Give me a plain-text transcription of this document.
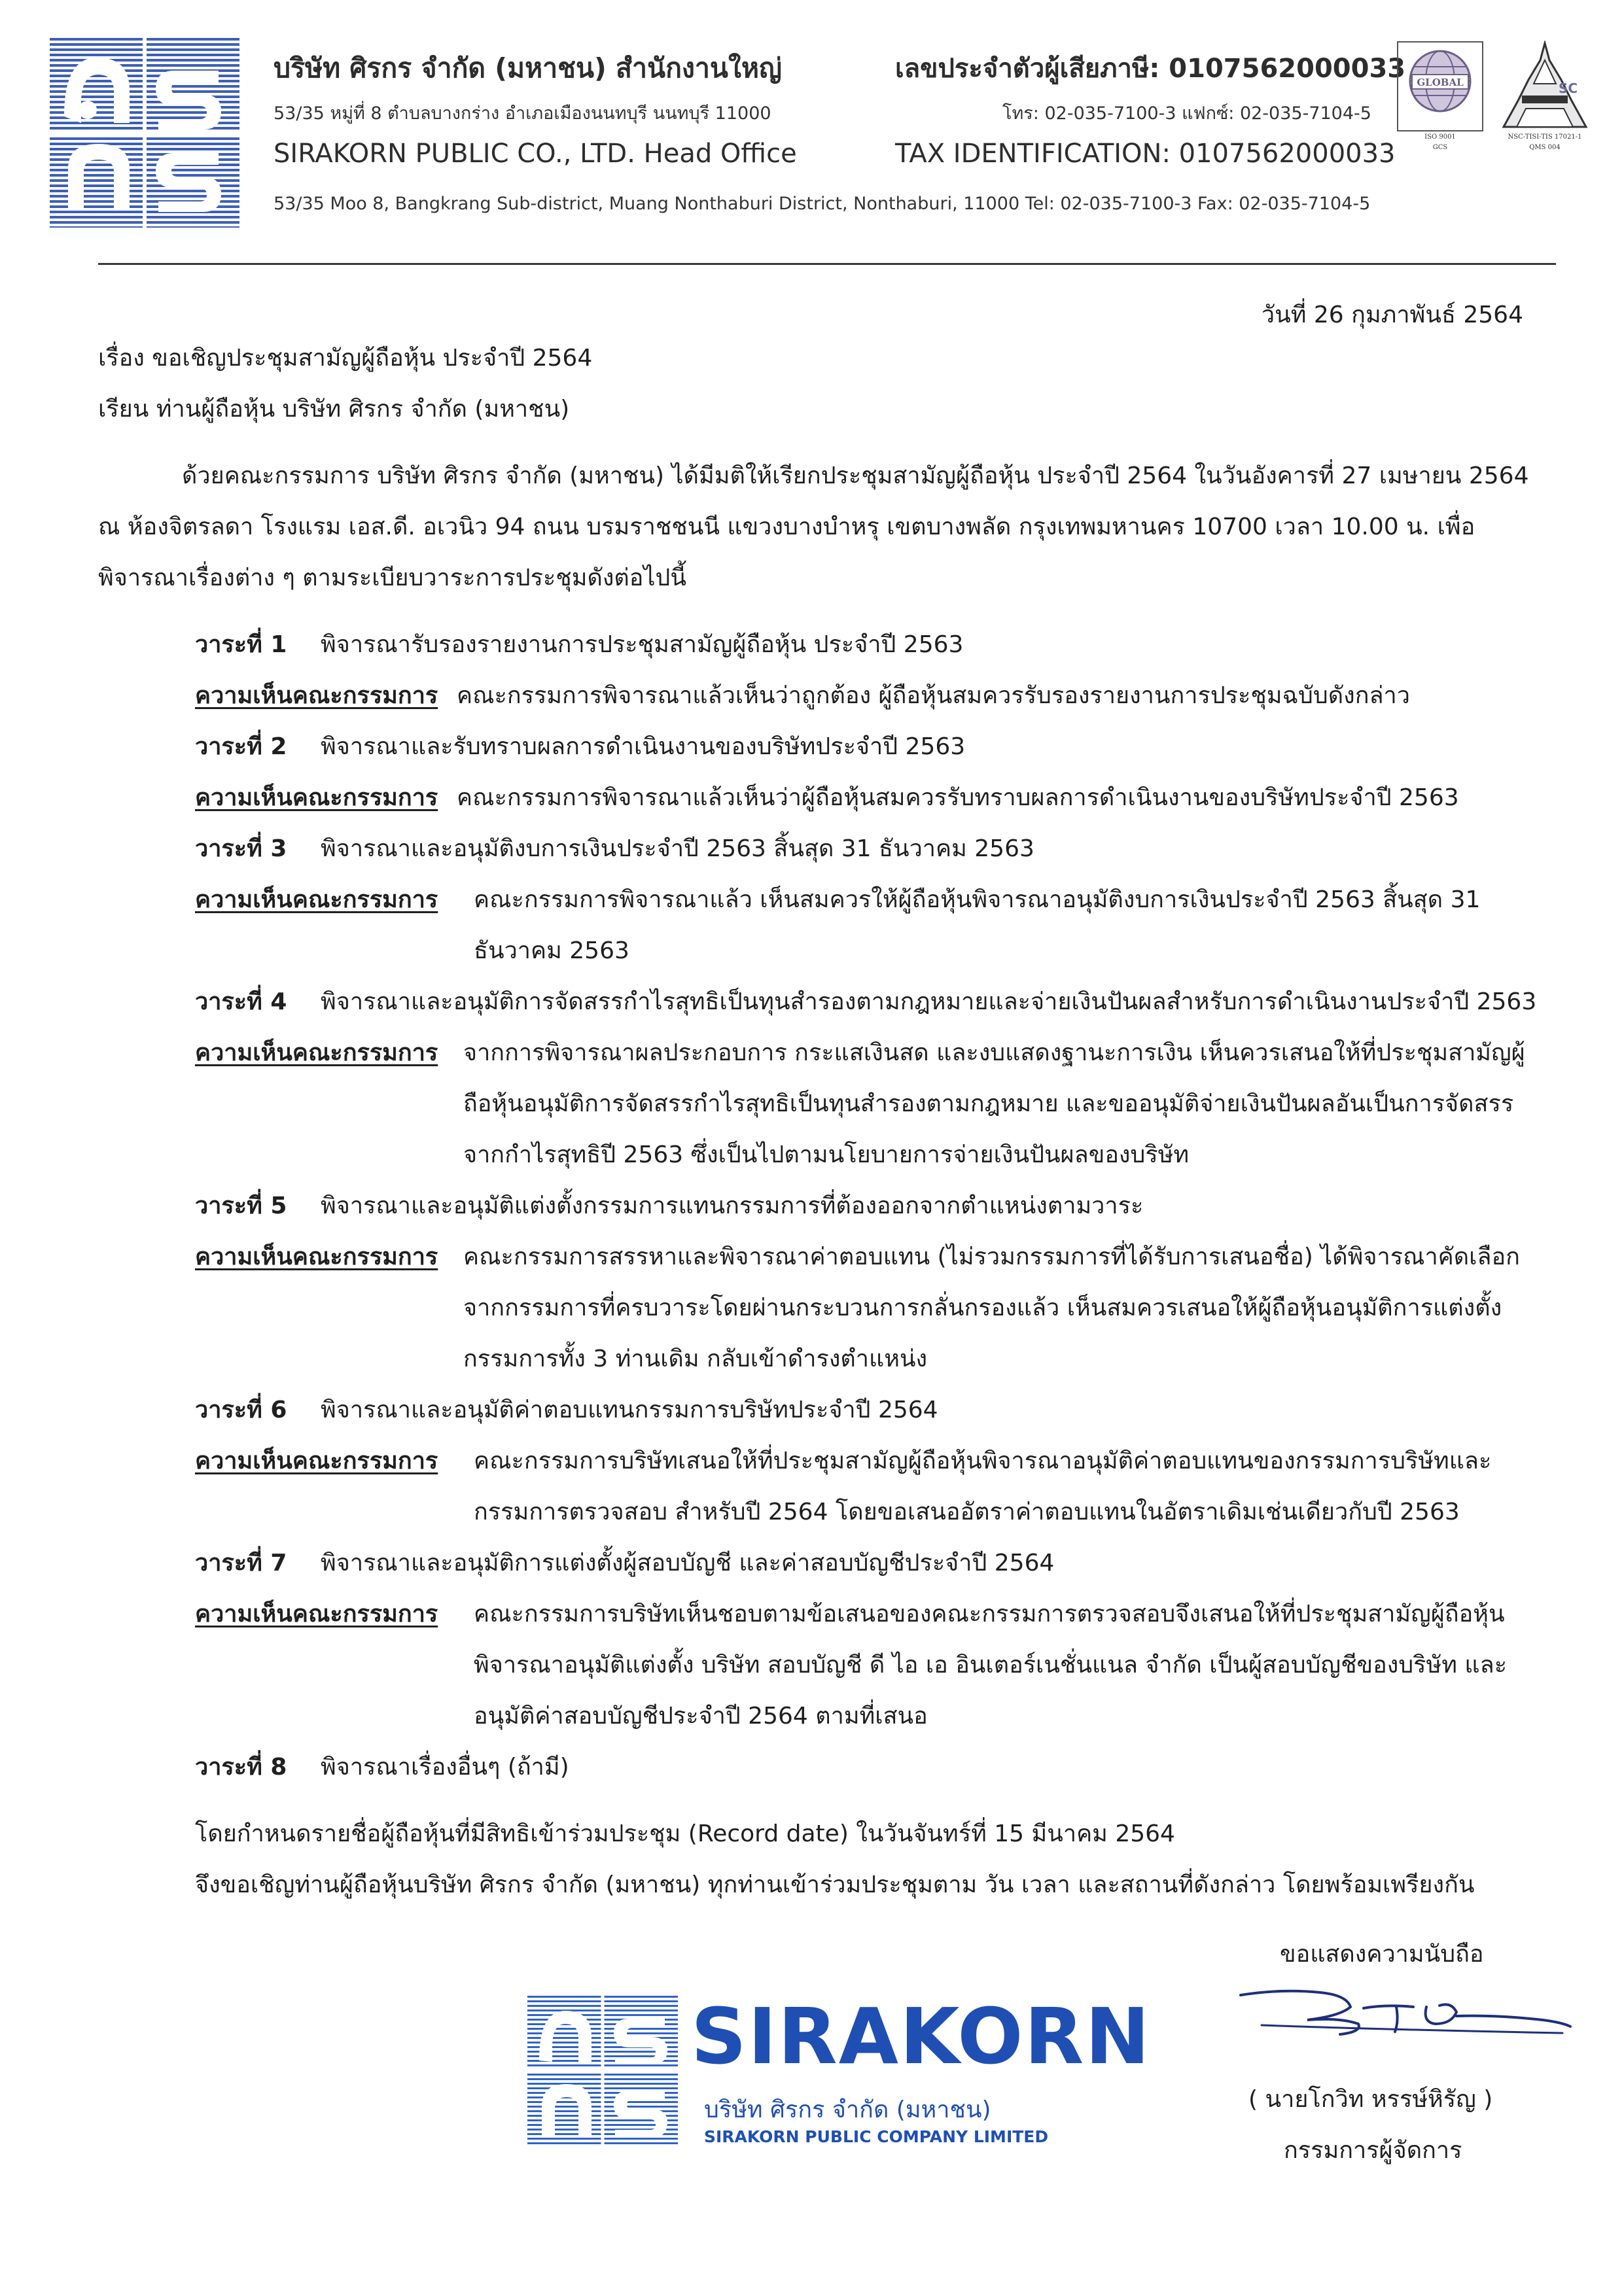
บริษัท ศิรกร จำกัด (มหาชน) สำนักงานใหญ่
53/35 หมู่ที่ 8 ตำบลบางกร่าง อำเภอเมืองนนทบุรี นนทบุรี 11000
SIRAKORN PUBLIC CO., LTD. Head Office
53/35 Moo 8, Bangkrang Sub-district, Muang Nonthaburi District, Nonthaburi, 11000 Tel: 02-035-7100-3 Fax: 02-035-7104-5
เลขประจำตัวผู้เสียภาษี: 0107562000033
โทร: 02-035-7100-3 แฟกซ์: 02-035-7104-5
TAX IDENTIFICATION: 0107562000033
GLOBAL
ISO 9001
GCS
SC
NSC-TISI-TIS 17021-1
QMS 004
วันที่ 26 กุมภาพันธ์ 2564
เรื่อง ขอเชิญประชุมสามัญผู้ถือหุ้น ประจำปี 2564
เรียน ท่านผู้ถือหุ้น บริษัท ศิรกร จำกัด (มหาชน)
ด้วยคณะกรรมการ บริษัท ศิรกร จำกัด (มหาชน) ได้มีมติให้เรียกประชุมสามัญผู้ถือหุ้น ประจำปี 2564 ในวันอังคารที่ 27 เมษายน 2564
ณ ห้องจิตรลดา โรงแรม เอส.ดี. อเวนิว 94 ถนน บรมราชชนนี แขวงบางบำหรุ เขตบางพลัด กรุงเทพมหานคร 10700 เวลา 10.00 น. เพื่อ
พิจารณาเรื่องต่าง ๆ ตามระเบียบวาระการประชุมดังต่อไปนี้
วาระที่ 1 พิจารณารับรองรายงานการประชุมสามัญผู้ถือหุ้น ประจำปี 2563
ความเห็นคณะกรรมการ คณะกรรมการพิจารณาแล้วเห็นว่าถูกต้อง ผู้ถือหุ้นสมควรรับรองรายงานการประชุมฉบับดังกล่าว
วาระที่ 2 พิจารณาและรับทราบผลการดำเนินงานของบริษัทประจำปี 2563
ความเห็นคณะกรรมการ คณะกรรมการพิจารณาแล้วเห็นว่าผู้ถือหุ้นสมควรรับทราบผลการดำเนินงานของบริษัทประจำปี 2563
วาระที่ 3 พิจารณาและอนุมัติงบการเงินประจำปี 2563 สิ้นสุด 31 ธันวาคม 2563
ความเห็นคณะกรรมการ คณะกรรมการพิจารณาแล้ว เห็นสมควรให้ผู้ถือหุ้นพิจารณาอนุมัติงบการเงินประจำปี 2563 สิ้นสุด 31
ธันวาคม 2563
วาระที่ 4 พิจารณาและอนุมัติการจัดสรรกำไรสุทธิเป็นทุนสำรองตามกฎหมายและจ่ายเงินปันผลสำหรับการดำเนินงานประจำปี 2563
ความเห็นคณะกรรมการ จากการพิจารณาผลประกอบการ กระแสเงินสด และงบแสดงฐานะการเงิน เห็นควรเสนอให้ที่ประชุมสามัญผู้
ถือหุ้นอนุมัติการจัดสรรกำไรสุทธิเป็นทุนสำรองตามกฎหมาย และขออนุมัติจ่ายเงินปันผลอันเป็นการจัดสรร
จากกำไรสุทธิปี 2563 ซึ่งเป็นไปตามนโยบายการจ่ายเงินปันผลของบริษัท
วาระที่ 5 พิจารณาและอนุมัติแต่งตั้งกรรมการแทนกรรมการที่ต้องออกจากตำแหน่งตามวาระ
ความเห็นคณะกรรมการ คณะกรรมการสรรหาและพิจารณาค่าตอบแทน (ไม่รวมกรรมการที่ได้รับการเสนอชื่อ) ได้พิจารณาคัดเลือก
จากกรรมการที่ครบวาระโดยผ่านกระบวนการกลั่นกรองแล้ว เห็นสมควรเสนอให้ผู้ถือหุ้นอนุมัติการแต่งตั้ง
กรรมการทั้ง 3 ท่านเดิม กลับเข้าดำรงตำแหน่ง
วาระที่ 6 พิจารณาและอนุมัติค่าตอบแทนกรรมการบริษัทประจำปี 2564
ความเห็นคณะกรรมการ คณะกรรมการบริษัทเสนอให้ที่ประชุมสามัญผู้ถือหุ้นพิจารณาอนุมัติค่าตอบแทนของกรรมการบริษัทและ
กรรมการตรวจสอบ สำหรับปี 2564 โดยขอเสนออัตราค่าตอบแทนในอัตราเดิมเช่นเดียวกับปี 2563
วาระที่ 7 พิจารณาและอนุมัติการแต่งตั้งผู้สอบบัญชี และค่าสอบบัญชีประจำปี 2564
ความเห็นคณะกรรมการ คณะกรรมการบริษัทเห็นชอบตามข้อเสนอของคณะกรรมการตรวจสอบจึงเสนอให้ที่ประชุมสามัญผู้ถือหุ้น
พิจารณาอนุมัติแต่งตั้ง บริษัท สอบบัญชี ดี ไอ เอ อินเตอร์เนชั่นแนล จำกัด เป็นผู้สอบบัญชีของบริษัท และ
อนุมัติค่าสอบบัญชีประจำปี 2564 ตามที่เสนอ
วาระที่ 8 พิจารณาเรื่องอื่นๆ (ถ้ามี)
โดยกำหนดรายชื่อผู้ถือหุ้นที่มีสิทธิเข้าร่วมประชุม (Record date) ในวันจันทร์ที่ 15 มีนาคม 2564
จึงขอเชิญท่านผู้ถือหุ้นบริษัท ศิรกร จำกัด (มหาชน) ทุกท่านเข้าร่วมประชุมตาม วัน เวลา และสถานที่ดังกล่าว โดยพร้อมเพรียงกัน
ขอแสดงความนับถือ
SIRAKORN
บริษัท ศิรกร จำกัด (มหาชน)
SIRAKORN PUBLIC COMPANY LIMITED
( นายโกวิท หรรษ์หิรัญ )
กรรมการผู้จัดการ
